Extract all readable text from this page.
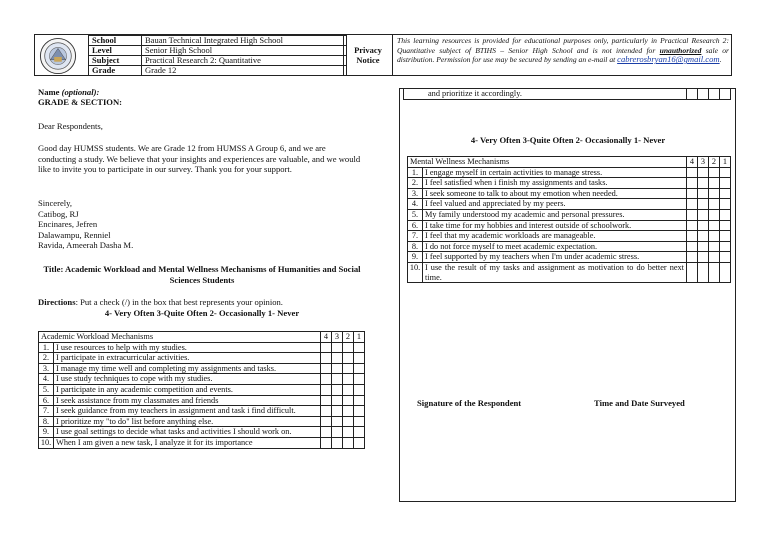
School	Bauan Technical Integrated High School
Level	Senior High School
Subject	Practical Research 2: Quantitative
Grade	Grade 12
Privacy
Notice
This learning resources is provided for educational purposes only, particularly in Practical Research 2: Quantitative subject of BTIHS – Senior High School and is not intended for unauthorized sale or distribution. Permission for use may be secured by sending an e-mail at cabrerosbryan16@gmail.com.
Name (optional):
GRADE & SECTION:
Dear Respondents,
Good day HUMSS students. We are Grade 12 from HUMSS A Group 6, and we are conducting a study. We believe that your insights and experiences are valuable, and we would like to invite you to participate in our survey. Thank you for your support.
Sincerely,
Catibog, RJ
Encinares, Jefren
Dalawampu, Renniel
Ravida, Ameerah Dasha M.
Title: Academic Workload and Mental Wellness Mechanisms of Humanities and Social Sciences Students
Directions: Put a check (/) in the box that best represents your opinion.
4- Very Often 3-Quite Often 2- Occasionally 1- Never
Academic Workload Mechanisms		4	3	2	1
1.	I use resources to help with my studies.				
2.	I participate in extracurricular activities.				
3.	I manage my time well and completing my assignments and tasks.				
4.	I use study techniques to cope with my studies.				
5.	I participate in any academic competition and events.				
6.	I seek assistance from my classmates and friends				
7.	I seek guidance from my teachers in assignment and task i find difficult.				
8.	I prioritize my "to do" list before anything else.				
9.	I use goal settings to decide what tasks and activities I should work on.				
10.	When I am given a new task, I analyze it for its importance				
and prioritize it accordingly.				
4- Very Often 3-Quite Often 2- Occasionally 1- Never
Mental Wellness Mechanisms		4	3	2	1
1.	I engage myself in certain activities to manage stress.				
2.	I feel satisfied when i finish my assignments and tasks.				
3.	I seek someone to talk to about my emotion when needed.				
4.	I feel valued and appreciated by my peers.				
5.	My family understood my academic and personal pressures.				
6.	I take time for my hobbies and interest outside of schoolwork.				
7.	I feel that my academic workloads are manageable.				
8.	I do not force myself to meet academic expectation.				
9.	I feel supported by my teachers when I'm under academic stress.				
10.	I use the result of my tasks and assignment as motivation to do better next time.				
Signature of the Respondent	Time and Date Surveyed
